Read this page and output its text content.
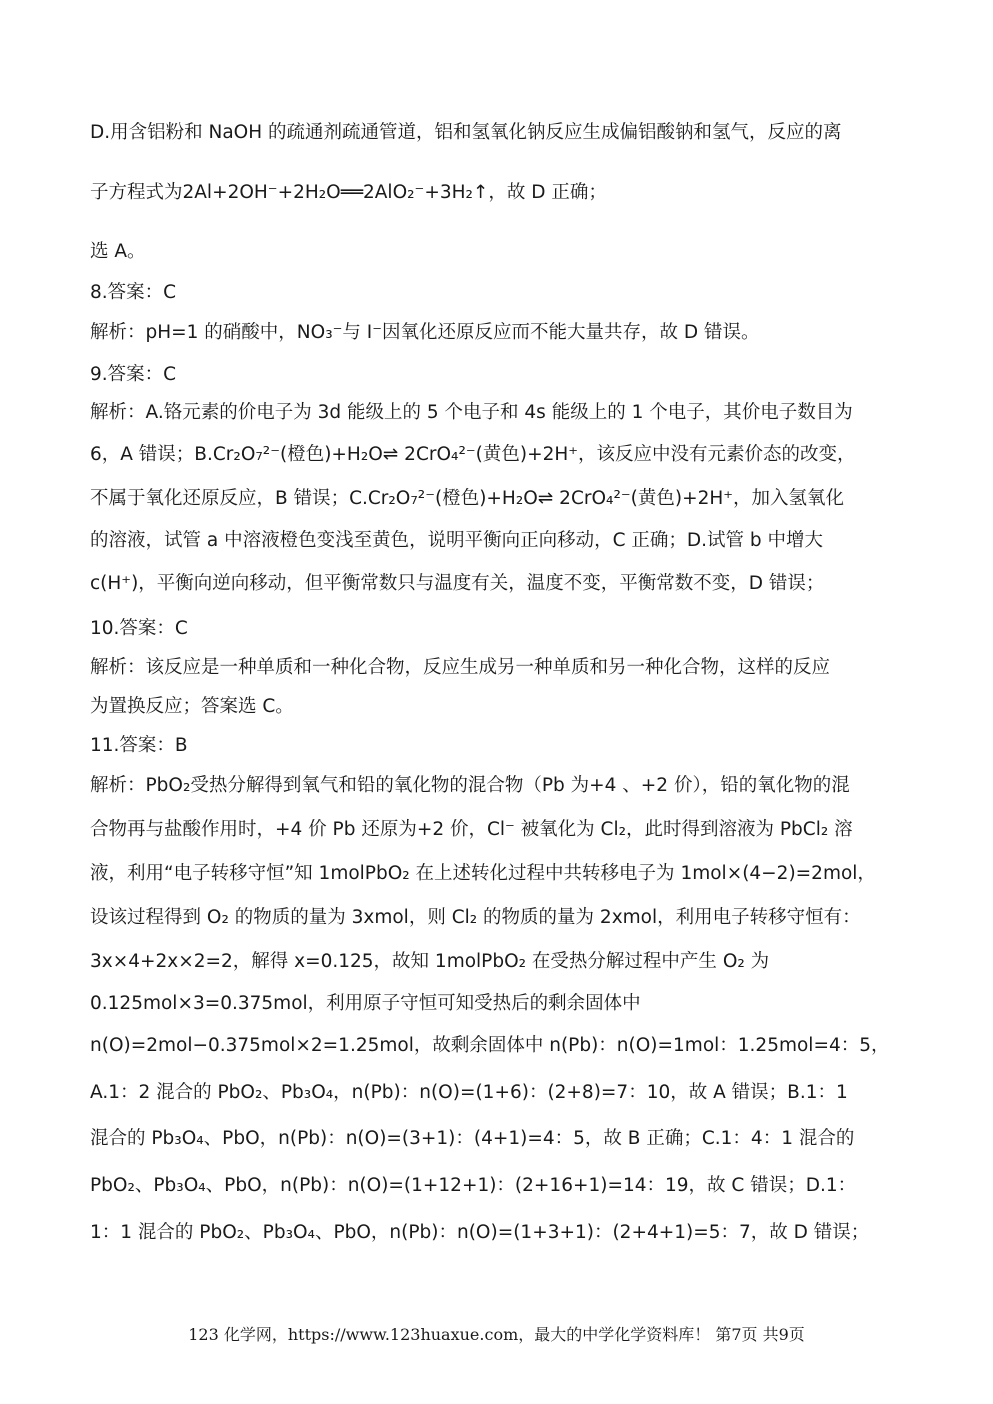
D.用含铝粉和 NaOH 的疏通剂疏通管道，铝和氢氧化钠反应生成偏铝酸钠和氢气，反应的离
子方程式为2Al+2OH⁻+2H₂O══2AlO₂⁻+3H₂↑，故 D 正确；
选 A。
8.答案：C
解析：pH=1 的硝酸中，NO₃⁻与 I⁻因氧化还原反应而不能大量共存，故 D 错误。
9.答案：C
解析：A.铬元素的价电子为 3d 能级上的 5 个电子和 4s 能级上的 1 个电子，其价电子数目为
6，A 错误；B.Cr₂O₇²⁻(橙色)+H₂O⇌ 2CrO₄²⁻(黄色)+2H⁺，该反应中没有元素价态的改变，
不属于氧化还原反应，B 错误；C.Cr₂O₇²⁻(橙色)+H₂O⇌ 2CrO₄²⁻(黄色)+2H⁺，加入氢氧化
的溶液，试管 a 中溶液橙色变浅至黄色，说明平衡向正向移动，C 正确；D.试管 b 中增大
c(H⁺)，平衡向逆向移动，但平衡常数只与温度有关，温度不变，平衡常数不变，D 错误；
10.答案：C
解析：该反应是一种单质和一种化合物，反应生成另一种单质和另一种化合物，这样的反应
为置换反应；答案选 C。
11.答案：B
解析：PbO₂受热分解得到氧气和铅的氧化物的混合物（Pb 为+4 、+2 价），铅的氧化物的混
合物再与盐酸作用时，+4 价 Pb 还原为+2 价，Cl⁻ 被氧化为 Cl₂，此时得到溶液为 PbCl₂ 溶
液，利用“电子转移守恒”知 1molPbO₂ 在上述转化过程中共转移电子为 1mol×(4−2)=2mol，
设该过程得到 O₂ 的物质的量为 3xmol，则 Cl₂ 的物质的量为 2xmol，利用电子转移守恒有：
3x×4+2x×2=2，解得 x=0.125，故知 1molPbO₂ 在受热分解过程中产生 O₂ 为
0.125mol×3=0.375mol，利用原子守恒可知受热后的剩余固体中
n(O)=2mol−0.375mol×2=1.25mol，故剩余固体中 n(Pb)：n(O)=1mol：1.25mol=4：5，
A.1：2 混合的 PbO₂、Pb₃O₄，n(Pb)：n(O)=(1+6)：(2+8)=7：10，故 A 错误；B.1：1
混合的 Pb₃O₄、PbO，n(Pb)：n(O)=(3+1)：(4+1)=4：5，故 B 正确；C.1：4：1 混合的
PbO₂、Pb₃O₄、PbO，n(Pb)：n(O)=(1+12+1)：(2+16+1)=14：19，故 C 错误；D.1：
1：1 混合的 PbO₂、Pb₃O₄、PbO，n(Pb)：n(O)=(1+3+1)：(2+4+1)=5：7，故 D 错误；
123 化学网，https://www.123huaxue.com，最大的中学化学资料库！ 第7页 共9页
